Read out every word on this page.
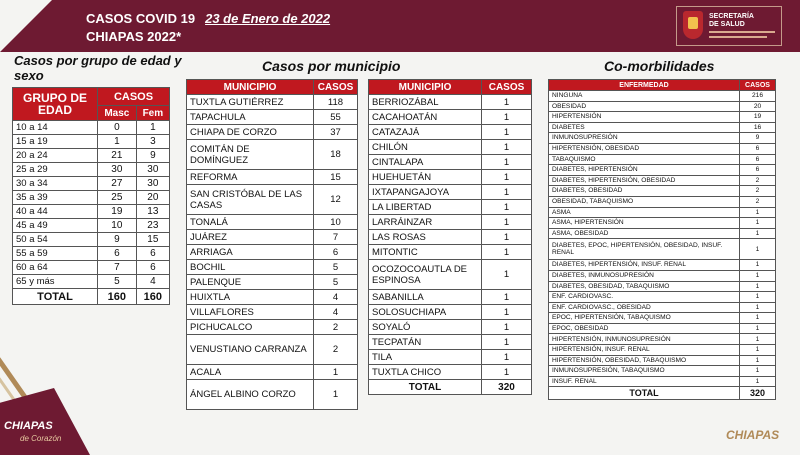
CASOS COVID 19 23 de Enero de 2022
CHIAPAS 2022*
SECRETARÍA
DE SALUD
CHIAPAS
de Corazón	CHIAPAS
Casos por grupo de edad y
sexo
Casos por municipio	Co-morbilidades
GRUPO DE EDAD	CASOS	
	Masc	Fem
10 a 14	0	1
15 a 19	1	3
20 a 24	21	9
25 a 29	30	30
30 a 34	27	30
35 a 39	25	20
40 a 44	19	13
45 a 49	10	23
50 a 54	9	15
55 a 59	6	6
60 a 64	7	6
65 y más	5	4
TOTAL	160	160
MUNICIPIO	CASOS
TUXTLA GUTIÉRREZ	118
TAPACHULA	55
CHIAPA DE CORZO	37
COMITÁN DE DOMÍNGUEZ	18
REFORMA	15
SAN CRISTÓBAL DE LAS CASAS	12
TONALÁ	10
JUÁREZ	7
ARRIAGA	6
BOCHIL	5
PALENQUE	5
HUIXTLA	4
VILLAFLORES	4
PICHUCALCO	2
VENUSTIANO CARRANZA	2
ACALA	1
ÁNGEL ALBINO CORZO	1
MUNICIPIO	CASOS
BERRIOZÁBAL	1
CACAHOATÁN	1
CATAZAJÁ	1
CHILÓN	1
CINTALAPA	1
HUEHUETÁN	1
IXTAPANGAJOYA	1
LA LIBERTAD	1
LARRÁINZAR	1
LAS ROSAS	1
MITONTIC	1
OCOZOCOAUTLA DE ESPINOSA	1
SABANILLA	1
SOLOSUCHIAPA	1
SOYALÓ	1
TECPATÁN	1
TILA	1
TUXTLA CHICO	1
TOTAL	320
ENFERMEDAD	CASOS
NINGUNA	216
OBESIDAD	20
HIPERTENSIÓN	19
DIABETES	16
INMUNOSUPRESIÓN	9
HIPERTENSIÓN, OBESIDAD	6
TABAQUISMO	6
DIABETES, HIPERTENSIÓN	6
DIABETES, HIPERTENSIÓN, OBESIDAD	2
DIABETES, OBESIDAD	2
OBESIDAD, TABAQUISMO	2
ASMA	1
ASMA, HIPERTENSIÓN	1
ASMA, OBESIDAD	1
DIABETES, EPOC, HIPERTENSIÓN, OBESIDAD, INSUF. RENAL	1
DIABETES, HIPERTENSIÓN, INSUF. RENAL	1
DIABETES, INMUNOSUPRESIÓN	1
DIABETES, OBESIDAD, TABAQUISMO	1
ENF. CARDIOVASC.	1
ENF. CARDIOVASC., OBESIDAD	1
EPOC, HIPERTENSIÓN, TABAQUISMO	1
EPOC, OBESIDAD	1
HIPERTENSIÓN, INMUNOSUPRESIÓN	1
HIPERTENSIÓN, INSUF. RENAL	1
HIPERTENSIÓN, OBESIDAD, TABAQUISMO	1
INMUNOSUPRESIÓN, TABAQUISMO	1
INSUF. RENAL	1
TOTAL	320
